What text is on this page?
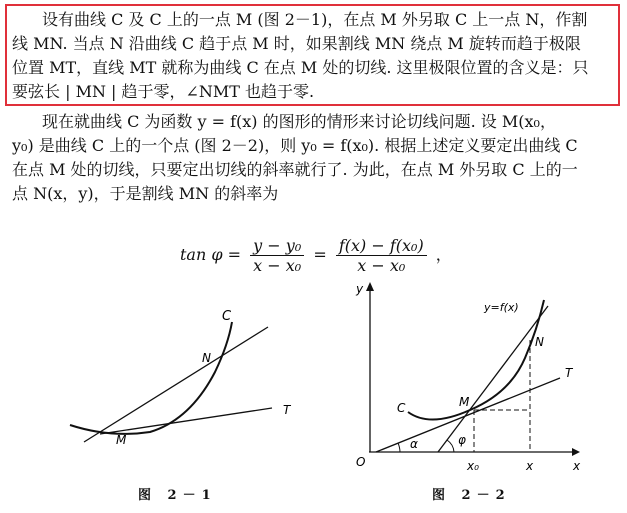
设有曲线 C 及 C 上的一点 M (图 2－1)，在点 M 外另取 C 上一点 N，作割
线 MN. 当点 N 沿曲线 C 趋于点 M 时，如果割线 MN 绕点 M 旋转而趋于极限
位置 MT，直线 MT 就称为曲线 C 在点 M 处的切线. 这里极限位置的含义是：只
要弦长 | MN | 趋于零，∠NMT 也趋于零.
现在就曲线 C 为函数 y = f(x) 的图形的情形来讨论切线问题. 设 M(x₀，
y₀) 是曲线 C 上的一个点 (图 2－2)，则 y₀ = f(x₀). 根据上述定义要定出曲线 C
在点 M 处的切线，只要定出切线的斜率就行了. 为此，在点 M 外另取 C 上的一
点 N(x，y)，于是割线 MN 的斜率为
$\tan \varphi = \frac{\text{y − y₀}}{\text{x − x₀}} = \frac{\text{f(x) − f(x₀)}}{\text{x − x₀}}$ ，
C
N
M
T
y
x
O
y=f(x)
N
M
C
T
α	φ
x₀	x
图 2－1	图 2－2
